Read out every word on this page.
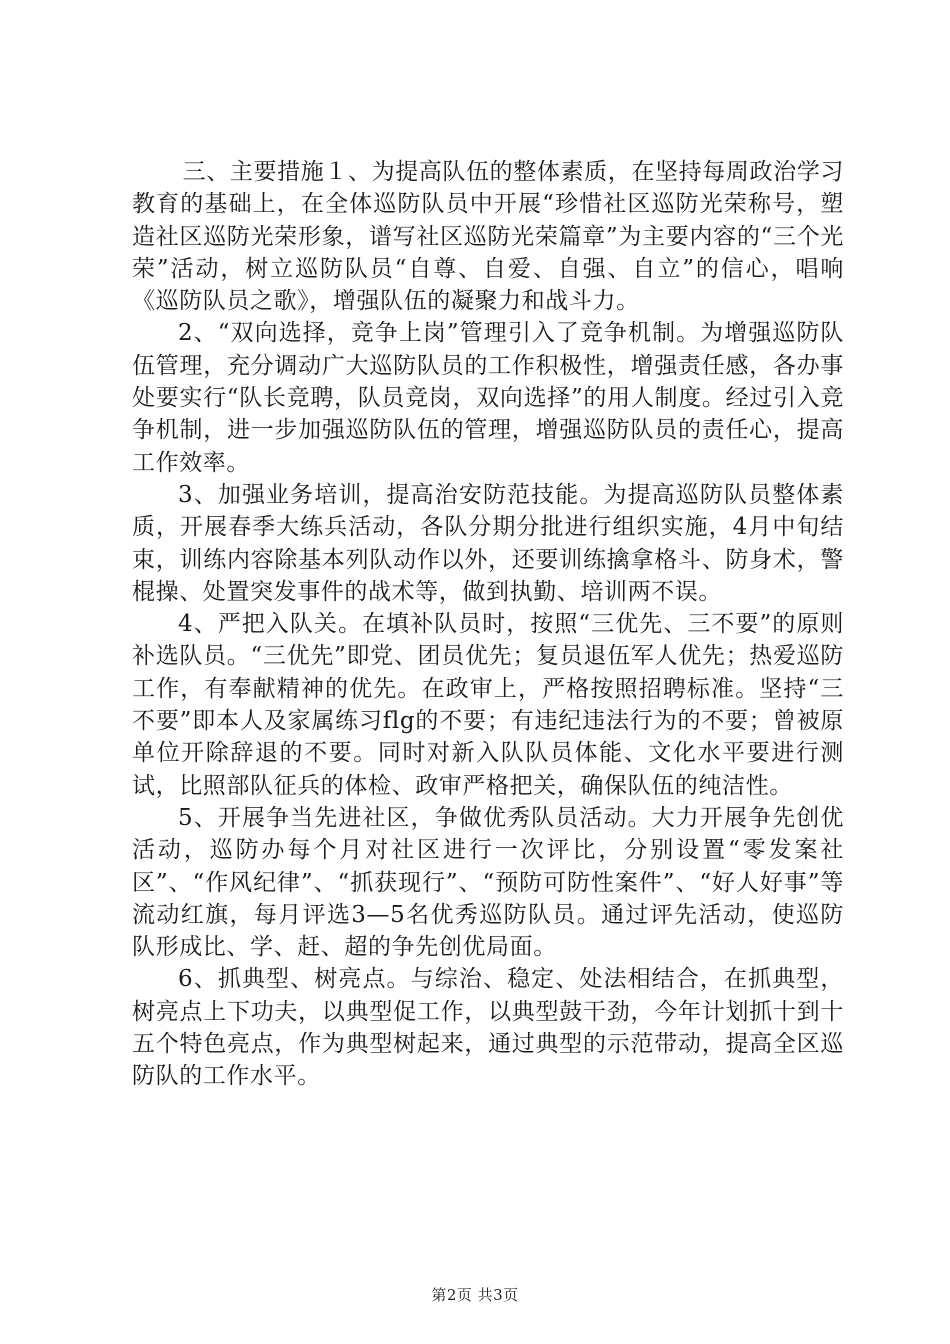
三、主要措施１、为提高队伍的整体素质，在坚持每周政治学习教育的基础上，在全体巡防队员中开展“珍惜社区巡防光荣称号，塑造社区巡防光荣形象，谱写社区巡防光荣篇章”为主要内容的“三个光荣”活动，树立巡防队员“自尊、自爱、自强、自立”的信心，唱响《巡防队员之歌》，增强队伍的凝聚力和战斗力。

2、“双向选择，竞争上岗”管理引入了竞争机制。为增强巡防队伍管理，充分调动广大巡防队员的工作积极性，增强责任感，各办事处要实行“队长竞聘，队员竞岗，双向选择”的用人制度。经过引入竞争机制，进一步加强巡防队伍的管理，增强巡防队员的责任心，提高工作效率。

3、加强业务培训，提高治安防范技能。为提高巡防队员整体素质，开展春季大练兵活动，各队分期分批进行组织实施，4月中旬结束，训练内容除基本列队动作以外，还要训练擒拿格斗、防身术，警棍操、处置突发事件的战术等，做到执勤、培训两不误。

4、严把入队关。在填补队员时，按照“三优先、三不要”的原则补选队员。“三优先”即党、团员优先；复员退伍军人优先；热爱巡防工作，有奉献精神的优先。在政审上，严格按照招聘标准。坚持“三不要”即本人及家属练习flg的不要；有违纪违法行为的不要；曾被原单位开除辞退的不要。同时对新入队队员体能、文化水平要进行测试，比照部队征兵的体检、政审严格把关，确保队伍的纯洁性。

5、开展争当先进社区，争做优秀队员活动。大力开展争先创优活动，巡防办每个月对社区进行一次评比，分别设置“零发案社区”、“作风纪律”、“抓获现行”、“预防可防性案件”、“好人好事”等流动红旗，每月评选3—5名优秀巡防队员。通过评先活动，使巡防队形成比、学、赶、超的争先创优局面。

6、抓典型、树亮点。与综治、稳定、处法相结合，在抓典型，树亮点上下功夫，以典型促工作，以典型鼓干劲，今年计划抓十到十五个特色亮点，作为典型树起来，通过典型的示范带动，提高全区巡防队的工作水平。

第2页 共3页
